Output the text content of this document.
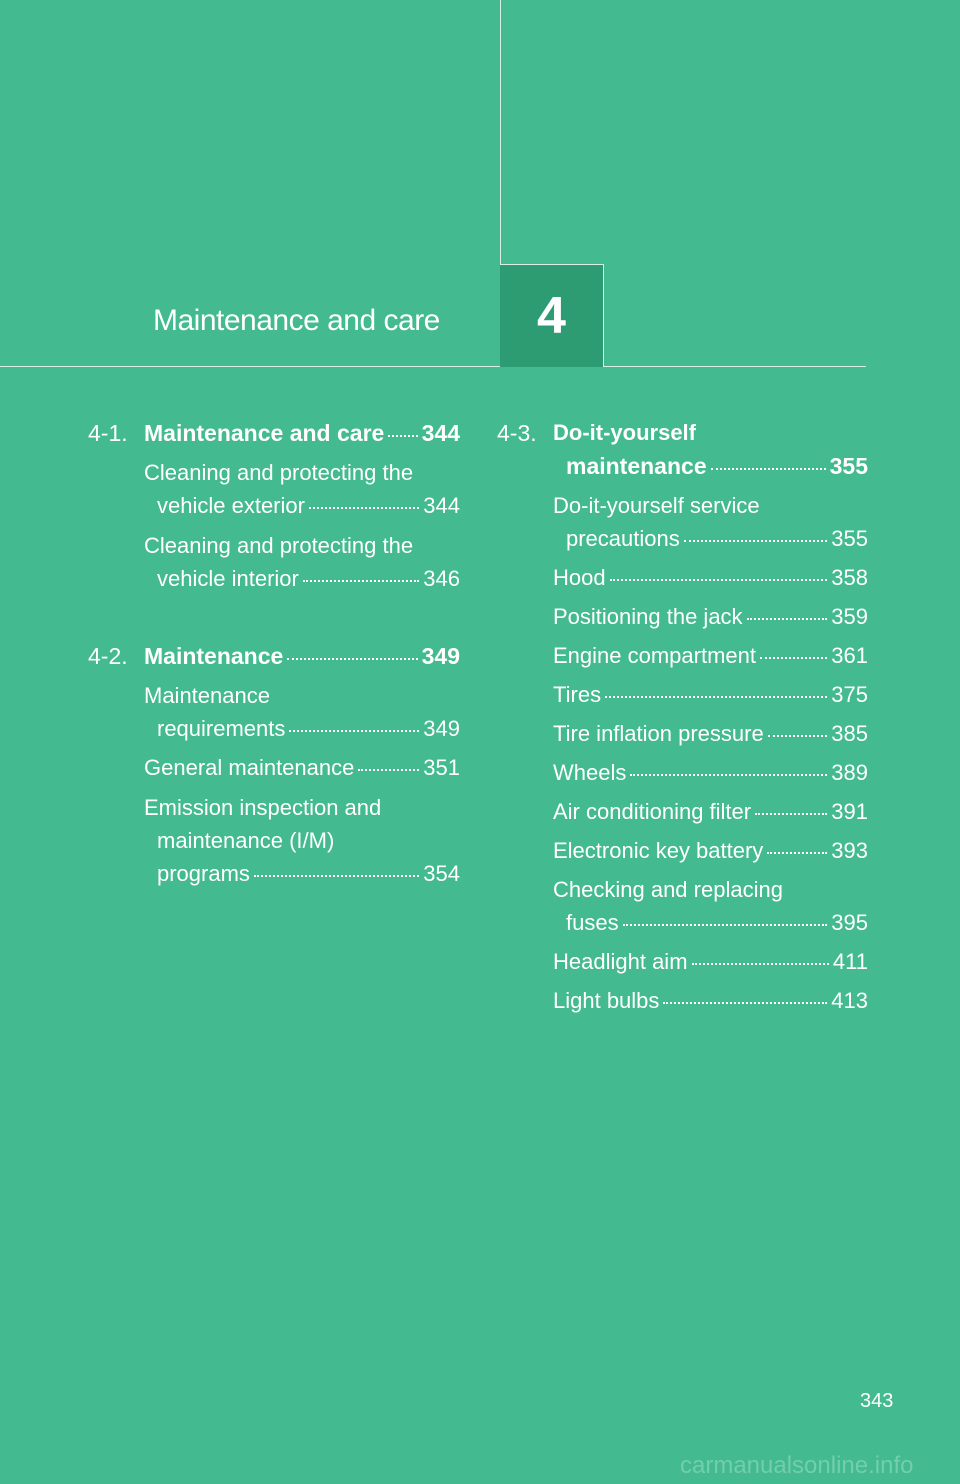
Maintenance and care 4
4-1. Maintenance and care 344
Cleaning and protecting the
vehicle exterior	344
Cleaning and protecting the
vehicle interior	346
4-2. Maintenance	349
Maintenance
requirements	349
General maintenance	351
Emission inspection and
maintenance (I/M)
programs	354
4-3. Do-it-yourself
maintenance	355
Do-it-yourself service
precautions	355
Hood	358
Positioning the jack	359
Engine compartment	361
Tires	375
Tire inflation pressure	385
Wheels	389
Air conditioning filter	391
Electronic key battery	393
Checking and replacing
fuses	395
Headlight aim	411
Light bulbs	413
343
carmanualsonline.info
